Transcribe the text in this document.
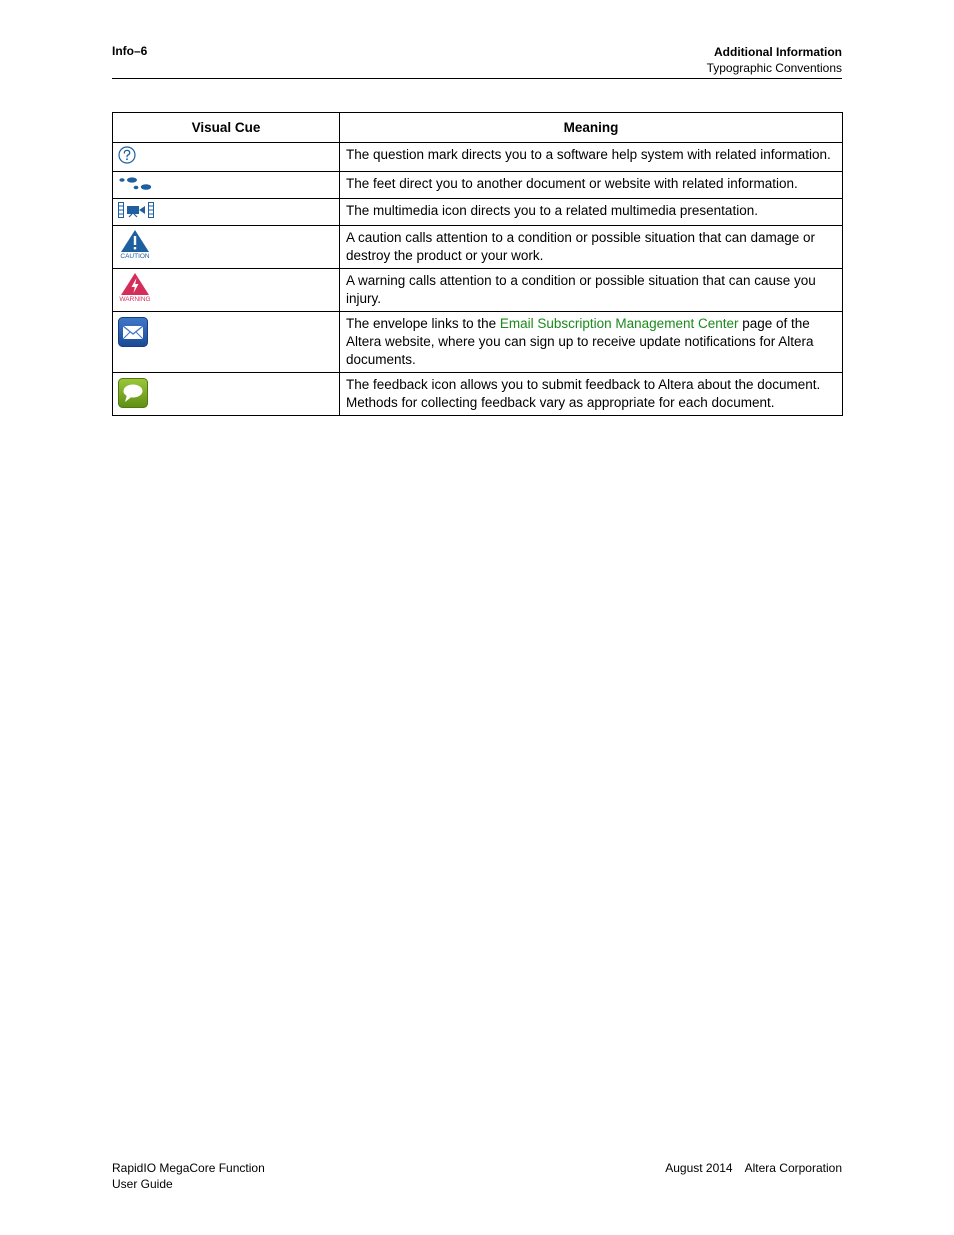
Info–6	Additional Information
Typographic Conventions
Visual Cue	Meaning

	The question mark directs you to a software help system with related information.

	The feet direct you to another document or website with related information.

	The multimedia icon directs you to a related multimedia presentation.

CAUTION	A caution calls attention to a condition or possible situation that can damage or destroy the product or your work.

WARNING	A warning calls attention to a condition or possible situation that can cause you injury.

	The envelope links to the Email Subscription Management Center page of the Altera website, where you can sign up to receive update notifications for Altera documents.

	The feedback icon allows you to submit feedback to Altera about the document. Methods for collecting feedback vary as appropriate for each document.
RapidIO MegaCore Function
User Guide
August 2014 Altera Corporation
